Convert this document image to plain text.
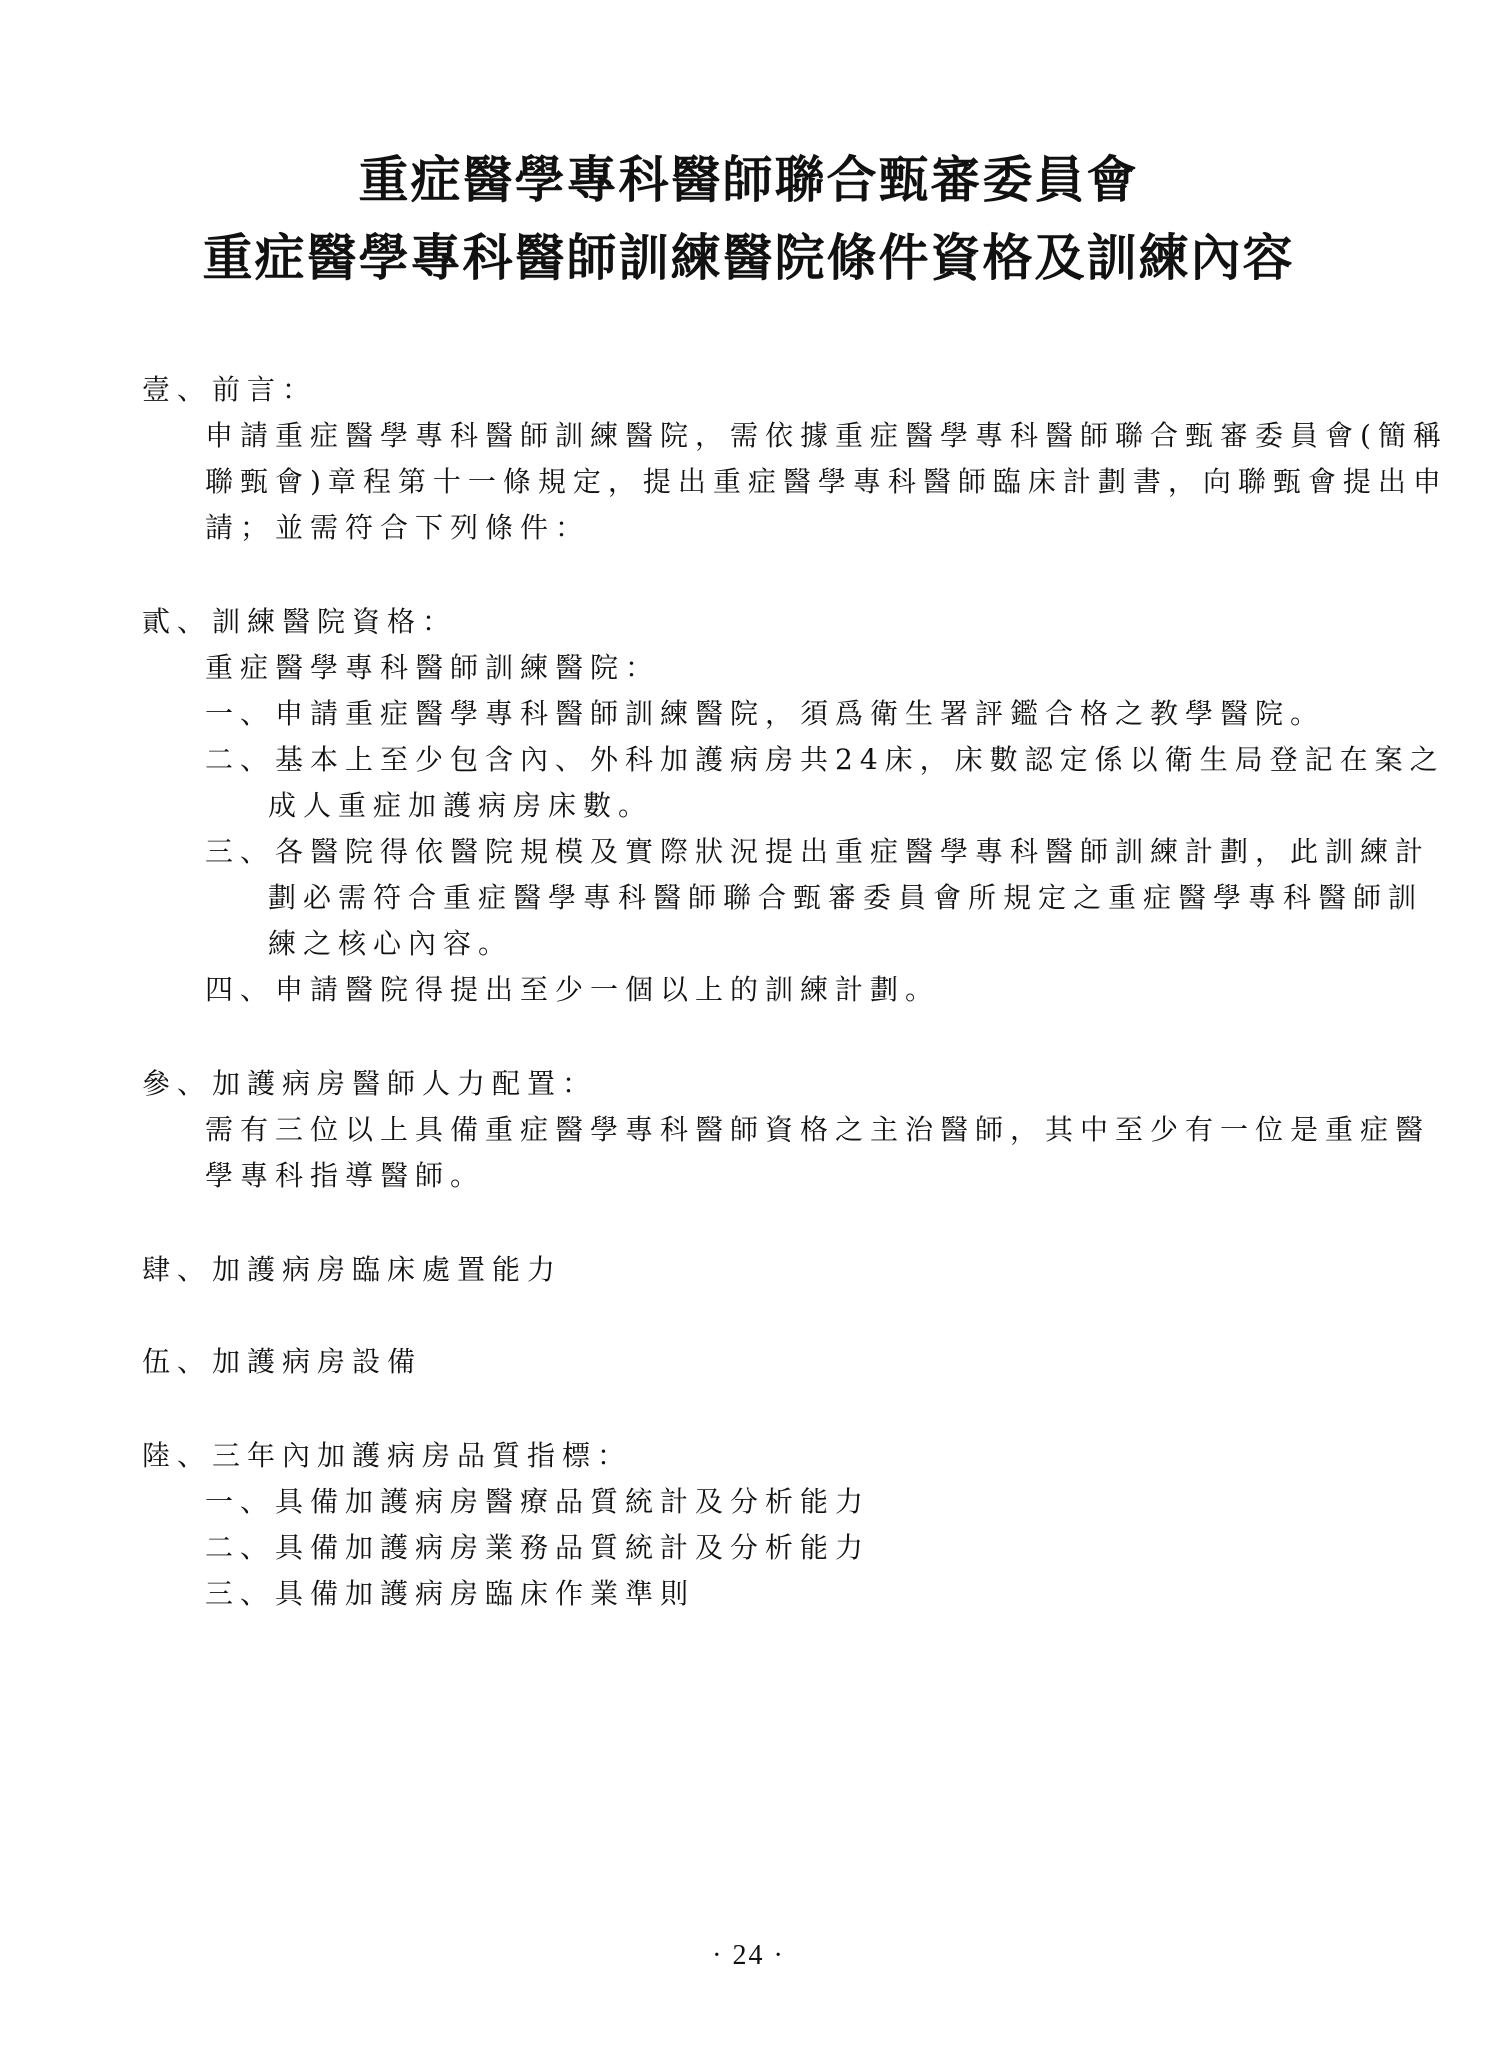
重症醫學專科醫師聯合甄審委員會
重症醫學專科醫師訓練醫院條件資格及訓練內容
壹、前言：
申請重症醫學專科醫師訓練醫院，需依據重症醫學專科醫師聯合甄審委員會(簡稱
聯甄會)章程第十一條規定，提出重症醫學專科醫師臨床計劃書，向聯甄會提出申
請；並需符合下列條件：
貳、訓練醫院資格：
重症醫學專科醫師訓練醫院：
一、申請重症醫學專科醫師訓練醫院，須爲衛生署評鑑合格之教學醫院。
二、基本上至少包含內、外科加護病房共24床，床數認定係以衛生局登記在案之
成人重症加護病房床數。
三、各醫院得依醫院規模及實際狀況提出重症醫學專科醫師訓練計劃，此訓練計
劃必需符合重症醫學專科醫師聯合甄審委員會所規定之重症醫學專科醫師訓
練之核心內容。
四、申請醫院得提出至少一個以上的訓練計劃。
參、加護病房醫師人力配置：
需有三位以上具備重症醫學專科醫師資格之主治醫師，其中至少有一位是重症醫
學專科指導醫師。
肆、加護病房臨床處置能力
伍、加護病房設備
陸、三年內加護病房品質指標：
一、具備加護病房醫療品質統計及分析能力
二、具備加護病房業務品質統計及分析能力
三、具備加護病房臨床作業準則
· 24 ·
